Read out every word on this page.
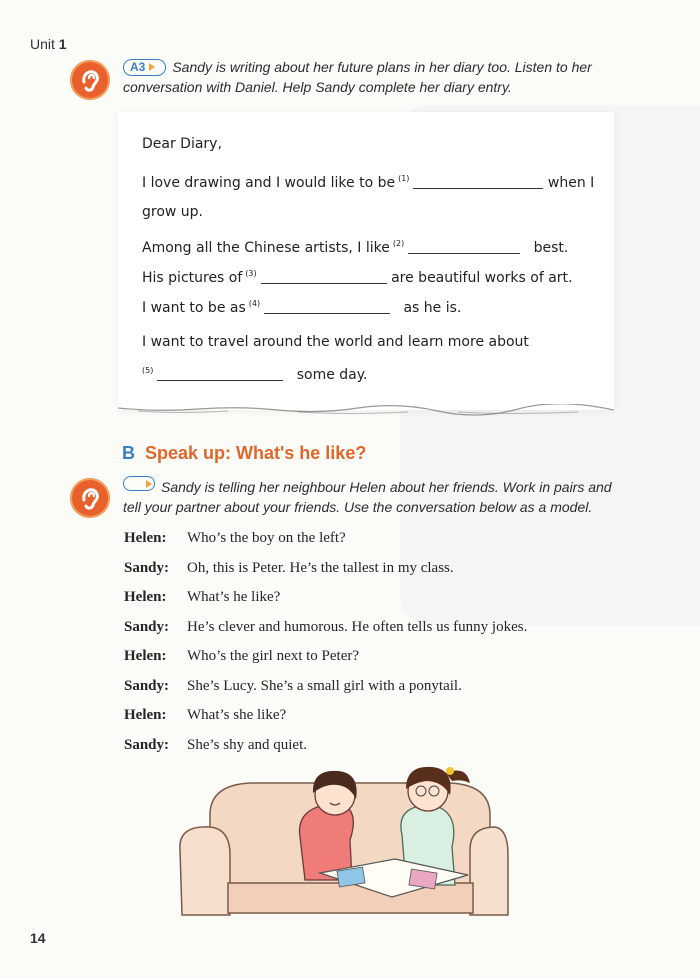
Unit 1
A3 Sandy is writing about her future plans in her diary too. Listen to her
conversation with Daniel. Help Sandy complete her diary entry.
Dear Diary,
I love drawing and I would like to be $^{(1)}$	when I
grow up.
Among all the Chinese artists, I like $^{(2)}$	best.
His pictures of $^{(3)}$	are beautiful works of art.
I want to be as $^{(4)}$	as he is.
I want to travel around the world and learn more about
$^{(5)}$	some day.
B Speak up: What's he like?
Sandy is telling her neighbour Helen about her friends. Work in pairs and
tell your partner about your friends. Use the conversation below as a model.
Helen: Who’s the boy on the left?
Sandy: Oh, this is Peter. He’s the tallest in my class.
Helen: What’s he like?
Sandy: He’s clever and humorous. He often tells us funny jokes.
Helen: Who’s the girl next to Peter?
Sandy: She’s Lucy. She’s a small girl with a ponytail.
Helen: What’s she like?
Sandy: She’s shy and quiet.
14
